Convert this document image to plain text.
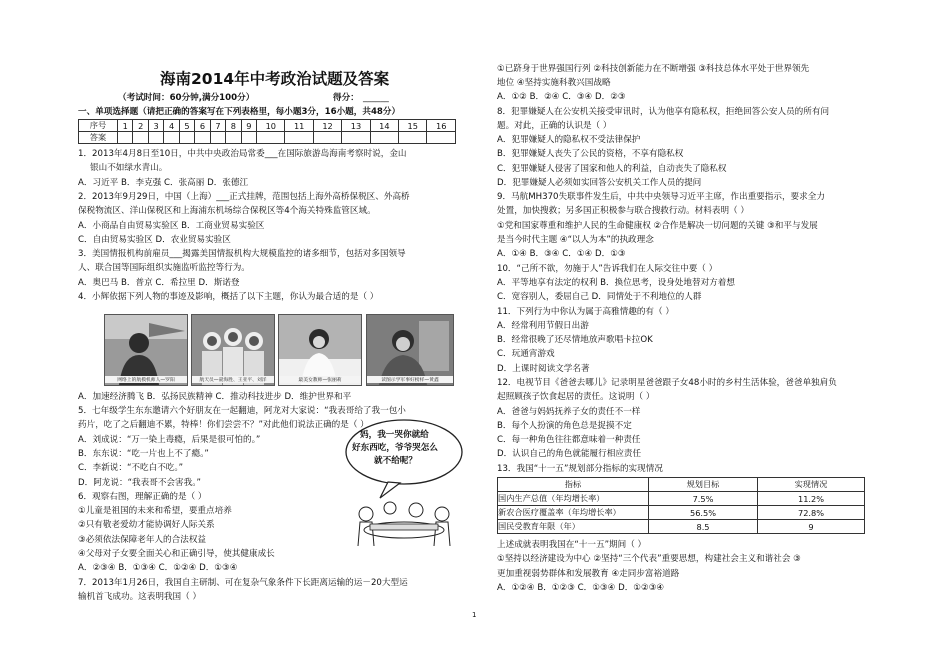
海南2014年中考政治试题及答案
（考试时间：60分钟,满分100分）	得分： ______
一、单项选择题（请把正确的答案写在下列表格里，每小题3分，16小题，共48分）
序号	1	2	3	4	5	6	7	8	9	10	11	12	13	14	15	16
答案																
1．2013年4月8日至10日，中共中央政治局常委___在国际旅游岛海南考察时说，金山
银山不如绿水青山。
A．习近平 B．李克强 C．张高丽 D．张德江
2．2013年9月29日，中国（上海）___正式挂牌，范围包括上海外高桥保税区、外高桥
保税物流区、洋山保税区和上海浦东机场综合保税区等4个海关特殊监管区域。
A．小商品自由贸易实验区 B．工商业贸易实验区
C．自由贸易实验区 D．农业贸易实验区
3．美国情报机构前雇员___揭露美国情报机构大规模监控的诸多细节，包括对多国领导
人、联合国等国际组织实施监听监控等行为。
A．奥巴马 B．普京 C．希拉里 D．斯诺登
4．小辉依据下列人物的事迹及影响，概括了以下主题，你认为最合适的是（ ）
网络上的航模机师人—罗阳	航天员—聂海胜、王亚平、刘洋	最美女教师—张丽莉	读图示学军事好榜样—黄鑫
A．加速经济腾飞 B．弘扬民族精神 C．推动科技进步 D．维护世界和平
5．七年级学生东东邀请六个好朋友在一起翻迪，阿龙对大家说：“我表哥给了我一包小
药片，吃了之后翻迪不累，特棒！你们尝尝不？”对此他们说法正确的是（ ）
A．刘成说：“万一染上毒瘾，后果是很可怕的。”
B．东东说：“吃一片也上不了瘾。”
C．李新说：“不吃白不吃。”
D．阿龙说：“我表哥不会害我。”
6．观察右图，理解正确的是（ ）
①儿童是祖国的未来和希望，要重点培养
②只有敬老爱幼才能协调好人际关系
③必须依法保障老年人的合法权益
④父母对子女要全面关心和正确引导，使其健康成长
A．②③④ B．①③④ C．①②④ D．①③④
7．2013年1月26日，我国自主研制、可在复杂气象条件下长距离运输的运－20大型运
输机首飞成功。这表明我国（ ）
妈，我一哭你就给
好东西吃，爷爷哭怎么
就不给呢？
①已跻身于世界强国行列 ②科技创新能力在不断增强 ③科技总体水平处于世界领先
地位 ④坚持实施科教兴国战略
A．①② B．②④ C．③④ D．②③
8．犯罪嫌疑人在公安机关接受审讯时，认为他享有隐私权，拒绝回答公安人员的所有问
题。对此，正确的认识是（ ）
A．犯罪嫌疑人的隐私权不受法律保护
B．犯罪嫌疑人丧失了公民的资格，不享有隐私权
C．犯罪嫌疑人侵害了国家和他人的利益，自动丧失了隐私权
D．犯罪嫌疑人必须如实回答公安机关工作人员的提问
9．马航MH370失联事件发生后，中共中央领导习近平主席，作出重要指示，要求全力
处置，加快搜救；另多国正积极参与联合搜救行动。材料表明（ ）
①党和国家尊重和维护人民的生命健康权 ②合作是解决一切问题的关键 ③和平与发展
是当今时代主题 ④“以人为本”的执政理念
A．①④ B．③④ C．①④ D．①③
10．“己所不欲，勿施于人”告诉我们在人际交往中要（ ）
A．平等地享有法定的权利 B．换位思考，设身处地替对方着想
C．宽容别人，委屈自己 D．同情处于不利地位的人群
11．下列行为中你认为属于高雅情趣的有（ ）
A．经常利用节假日出游
B．经常很晚了还尽情地放声歌唱卡拉OK
C．玩通宵游戏
D．上课时阅读文学名著
12．电视节目《爸爸去哪儿》记录明星爸爸跟子女48小时的乡村生活体验，爸爸单独肩负
起照顾孩子饮食起居的责任。这说明（ ）
A．爸爸与妈妈抚养子女的责任不一样
B．每个人扮演的角色总是捉摸不定
C．每一种角色往往都意味着一种责任
D．认识自己的角色就能履行相应责任
13．我国“十一五”规划部分指标的实现情况
指标	规划目标	实现情况
国内生产总值（年均增长率）	7.5%	11.2%
新农合医疗覆盖率（年均增长率）	56.5%	72.8%
国民受教育年限（年）	8.5	9
上述成就表明我国在“十一五”期间（ ）
①坚持以经济建设为中心 ②坚持“三个代表”重要思想，构建社会主义和谐社会 ③
更加重视弱势群体和发展教育 ④走同步富裕道路
A．①②④ B．①②③ C．①③④ D．①②③④
1
